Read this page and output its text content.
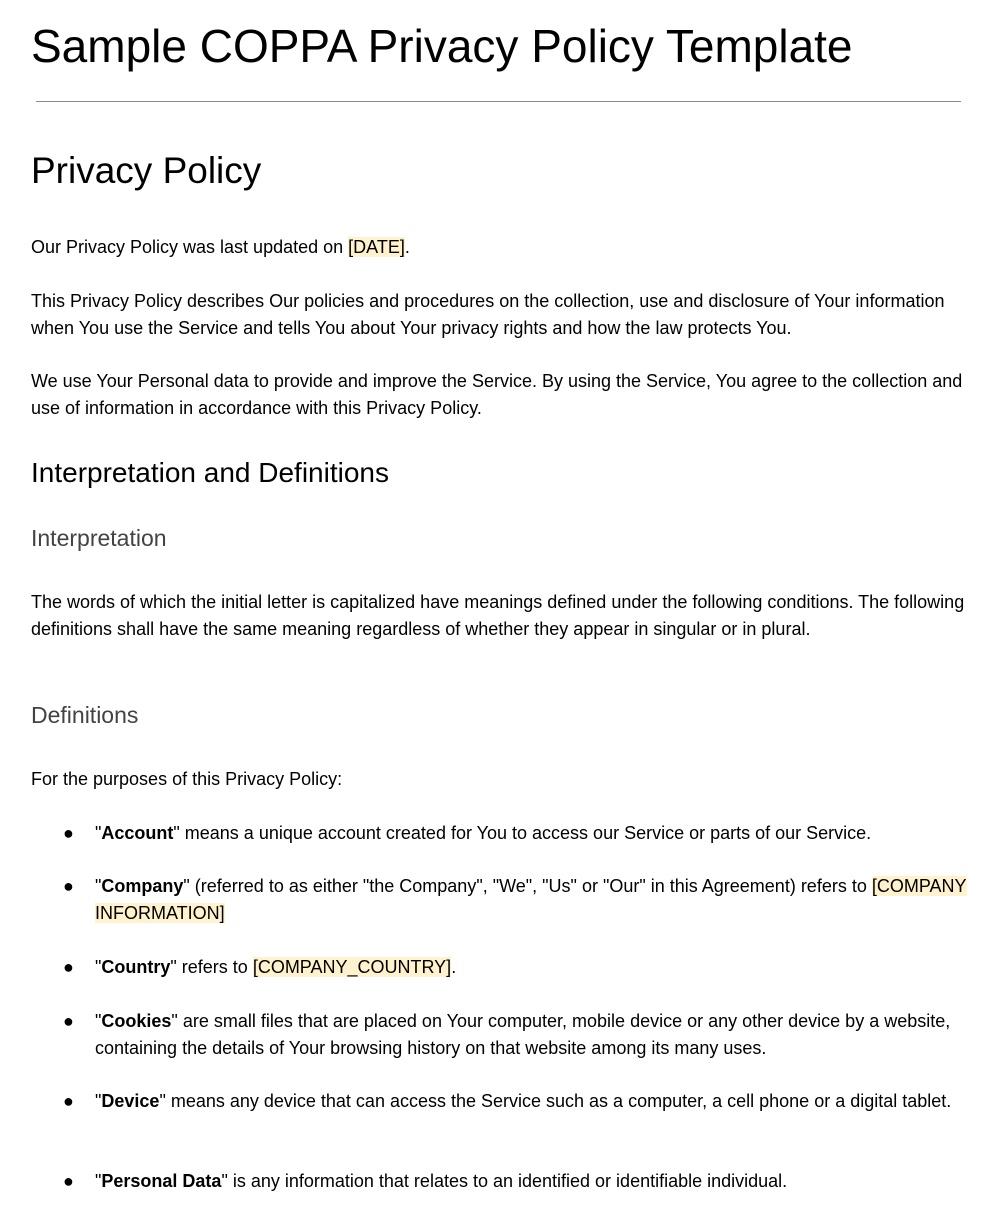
Sample COPPA Privacy Policy Template
Privacy Policy

Our Privacy Policy was last updated on [DATE].

This Privacy Policy describes Our policies and procedures on the collection, use and disclosure of Your information when You use the Service and tells You about Your privacy rights and how the law protects You.

We use Your Personal data to provide and improve the Service. By using the Service, You agree to the collection and use of information in accordance with this Privacy Policy.

Interpretation and Definitions
Interpretation

The words of which the initial letter is capitalized have meanings defined under the following conditions. The following definitions shall have the same meaning regardless of whether they appear in singular or in plural.

Definitions

For the purposes of this Privacy Policy:

● "Account" means a unique account created for You to access our Service or parts of our Service.
● "Company" (referred to as either "the Company", "We", "Us" or "Our" in this Agreement) refers to [COMPANY INFORMATION]
● "Country" refers to [COMPANY_COUNTRY].
● "Cookies" are small files that are placed on Your computer, mobile device or any other device by a website, containing the details of Your browsing history on that website among its many uses.
● "Device" means any device that can access the Service such as a computer, a cell phone or a digital tablet.
● "Personal Data" is any information that relates to an identified or identifiable individual.
